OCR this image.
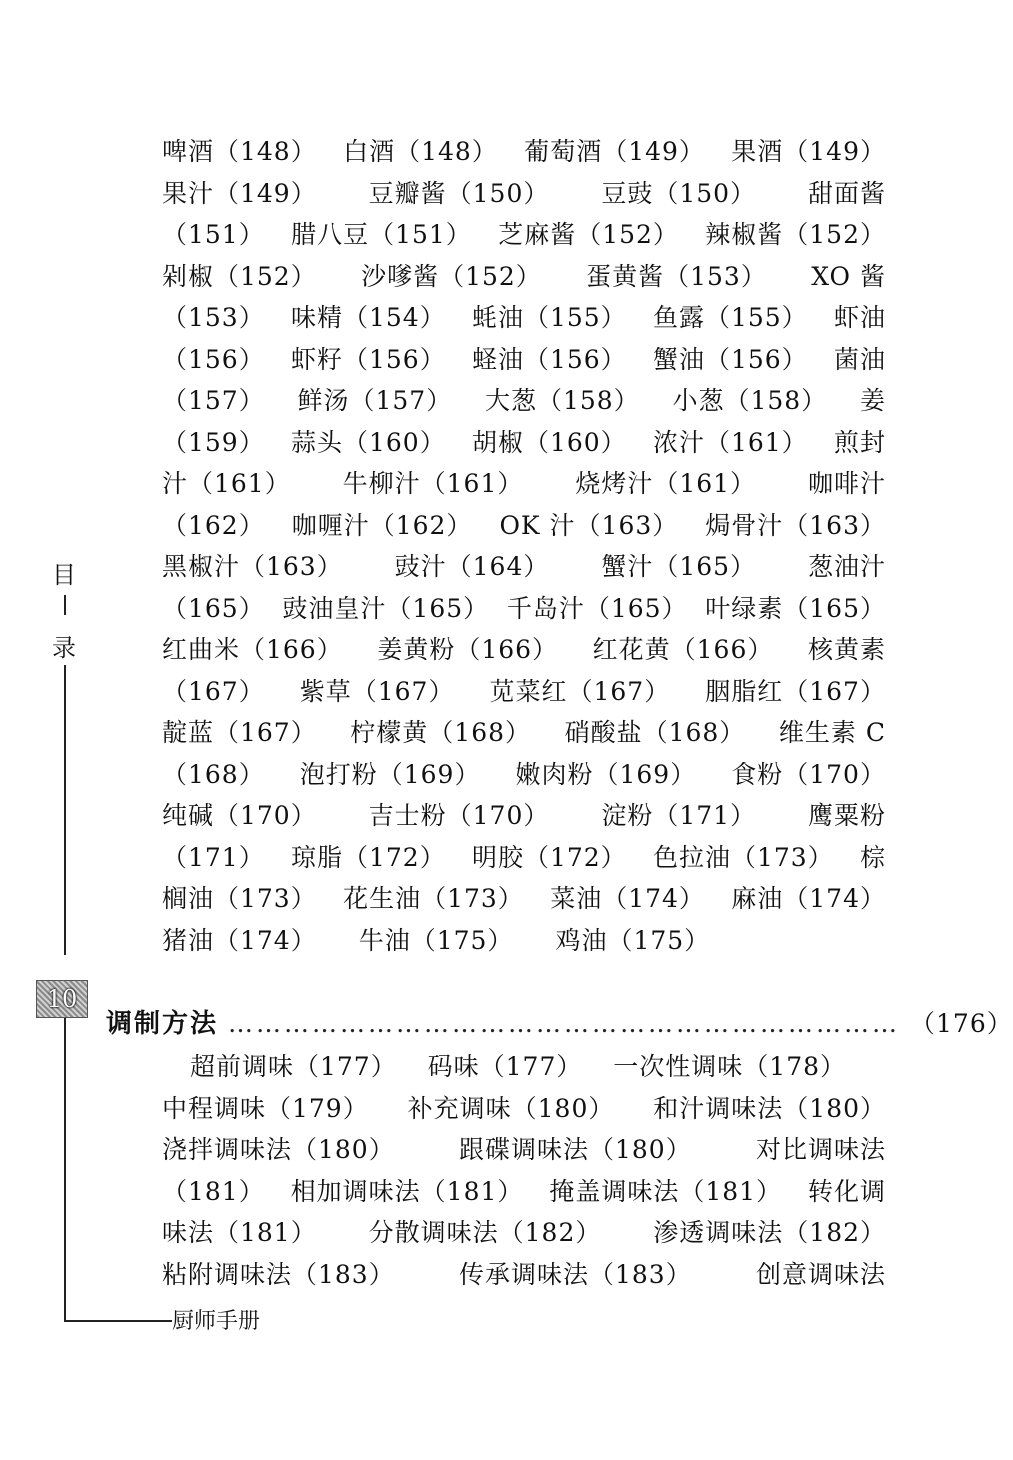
目
录
10
厨师手册
啤酒（148） 白酒（148） 葡萄酒（149） 果酒（149）
果汁（149） 豆瓣酱（150） 豆豉（150） 甜面酱
（151） 腊八豆（151） 芝麻酱（152） 辣椒酱（152）
剁椒（152） 沙嗲酱（152） 蛋黄酱（153） XO 酱
（153） 味精（154） 蚝油（155） 鱼露（155） 虾油
（156） 虾籽（156） 蛏油（156） 蟹油（156） 菌油
（157） 鲜汤（157） 大葱（158） 小葱（158） 姜
（159） 蒜头（160） 胡椒（160） 浓汁（161） 煎封
汁（161） 牛柳汁（161） 烧烤汁（161） 咖啡汁
（162） 咖喱汁（162） OK 汁（163） 焗骨汁（163）
黑椒汁（163） 豉汁（164） 蟹汁（165） 葱油汁
（165） 豉油皇汁（165） 千岛汁（165） 叶绿素（165）
红曲米（166） 姜黄粉（166） 红花黄（166） 核黄素
（167） 紫草（167） 苋菜红（167） 胭脂红（167）
靛蓝（167） 柠檬黄（168） 硝酸盐（168） 维生素 C
（168） 泡打粉（169） 嫩肉粉（169） 食粉（170）
纯碱（170） 吉士粉（170） 淀粉（171） 鹰粟粉
（171） 琼脂（172） 明胶（172） 色拉油（173） 棕
榈油（173） 花生油（173） 菜油（174） 麻油（174）
猪油（174） 牛油（175） 鸡油（175）
调制方法 ……………………………………………………………… （176）
超前调味（177） 码味（177） 一次性调味（178）
中程调味（179） 补充调味（180） 和汁调味法（180）
浇拌调味法（180）	跟碟调味法（180）	对比调味法
（181） 相加调味法（181） 掩盖调味法（181） 转化调
味法（181） 分散调味法（182） 渗透调味法（182）
粘附调味法（183）	传承调味法（183）	创意调味法
